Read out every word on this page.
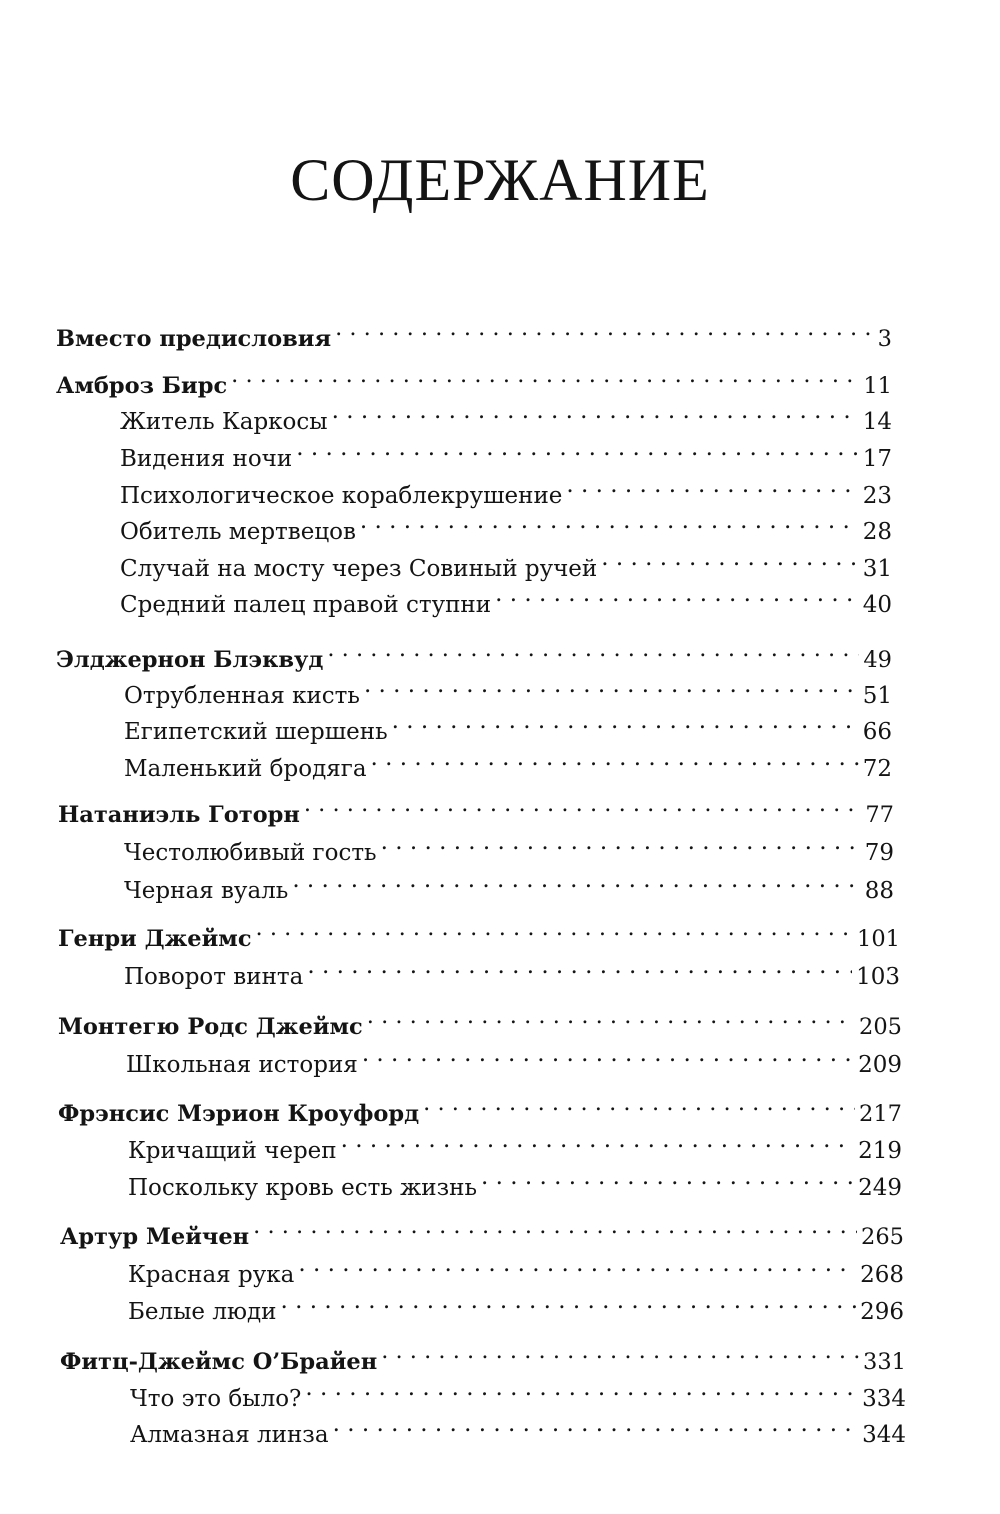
СОДЕРЖАНИЕ
Вместо предисловия . . .	3
Амброз Бирс . . .	11
Житель Каркосы . . .	14
Видения ночи . . .	17
Психологическое кораблекрушение . . .	23
Обитель мертвецов . . .	28
Случай на мосту через Совиный ручей . . .	31
Средний палец правой ступни . . .	40
Элджернон Блэквуд . . .	49
Отрубленная кисть . . .	51
Египетский шершень . . .	66
Маленький бродяга . . .	72
Натаниэль Готорн . . .	77
Честолюбивый гость . . .	79
Черная вуаль . . .	88
Генри Джеймс . . .	101
Поворот винта . . .	103
Монтегю Родс Джеймс . . .	205
Школьная история . . .	209
Фрэнсис Мэрион Кроуфорд . . .	217
Кричащий череп . . .	219
Поскольку кровь есть жизнь . . .	249
Артур Мейчен . . .	265
Красная рука . . .	268
Белые люди . . .	296
Фитц-Джеймс О’Брайен . . .	331
Что это было? . . .	334
Алмазная линза . . .	344
